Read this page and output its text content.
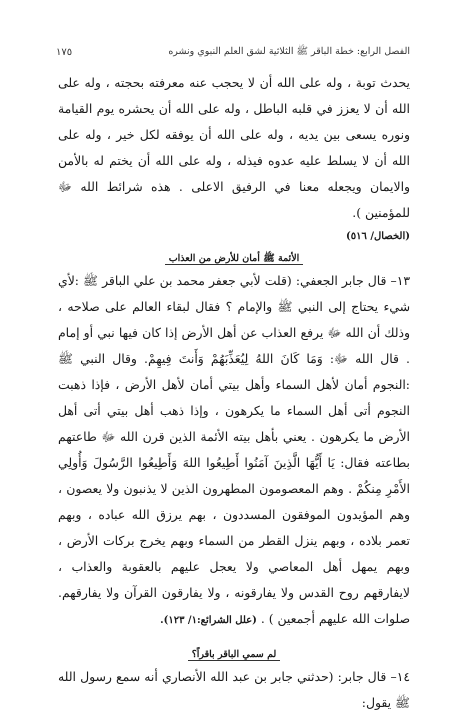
الفصل الرابع: خطة الباقر ﷺ الثلاثية لشق العلم النبوي ونشره
١٧٥

يحدث توبة ، وله على الله أن لا يحجب عنه معرفته بحجته ، وله على الله أن لا يعزز في قلبه الباطل ، وله على الله أن يحشره يوم القيامة ونوره يسعى بين يديه ، وله على الله أن يوفقه لكل خير ، وله على الله أن لا يسلط عليه عدوه فيذله ، وله على الله أن يختم له بالأمن والايمان ويجعله معنا في الرفيق الاعلى . هذه شرائط الله ﷻ للمؤمنين ).
(الخصال/ ٥١٦)

الأئمة ﷺ أمان للأرض من العذاب

١٣– قال جابر الجعفي: (قلت لأبي جعفر محمد بن علي الباقر ﷺ :لأي شيء يحتاج إلى النبي ﷺ والإمام ؟ فقال لبقاء العالم على صلاحه ، وذلك أن الله ﷻ يرفع العذاب عن أهل الأرض إذا كان فيها نبي أو إمام . قال الله ﷻ: وَمَا كَانَ اللهُ لِيُعَذِّبَهُمْ وَأَنتَ فِيهِمْ. وقال النبي ﷺ :النجوم أمان لأهل السماء وأهل بيتي أمان لأهل الأرض ، فإذا ذهبت النجوم أتى أهل السماء ما يكرهون ، وإذا ذهب أهل بيتي أتى أهل الأرض ما يكرهون . يعني بأهل بيته الأئمة الذين قرن الله ﷻ طاعتهم بطاعته فقال: يَا أَيُّهَا الَّذِينَ آمَنُوا أَطِيعُوا اللهَ وَأَطِيعُوا الرَّسُولَ وَأُولِي الأَمْرِ مِنكُمْ . وهم المعصومون المطهرون الذين لا يذنبون ولا يعصون ، وهم المؤيدون الموفقون المسددون ، بهم يرزق الله عباده ، وبهم تعمر بلاده ، وبهم ينزل القطر من السماء وبهم يخرج بركات الأرض ، وبهم يمهل أهل المعاصي ولا يعجل عليهم بالعقوبة والعذاب ، لايفارقهم روح القدس ولا يفارقونه ، ولا يفارقون القرآن ولا يفارقهم. صلوات الله عليهم أجمعين ) . (علل الشرائع:١/ ١٢٣).

لم سمي الباقر باقراً؟

١٤– قال جابر: (حدثني جابر بن عبد الله الأنصاري أنه سمع رسول الله ﷺ يقول:
